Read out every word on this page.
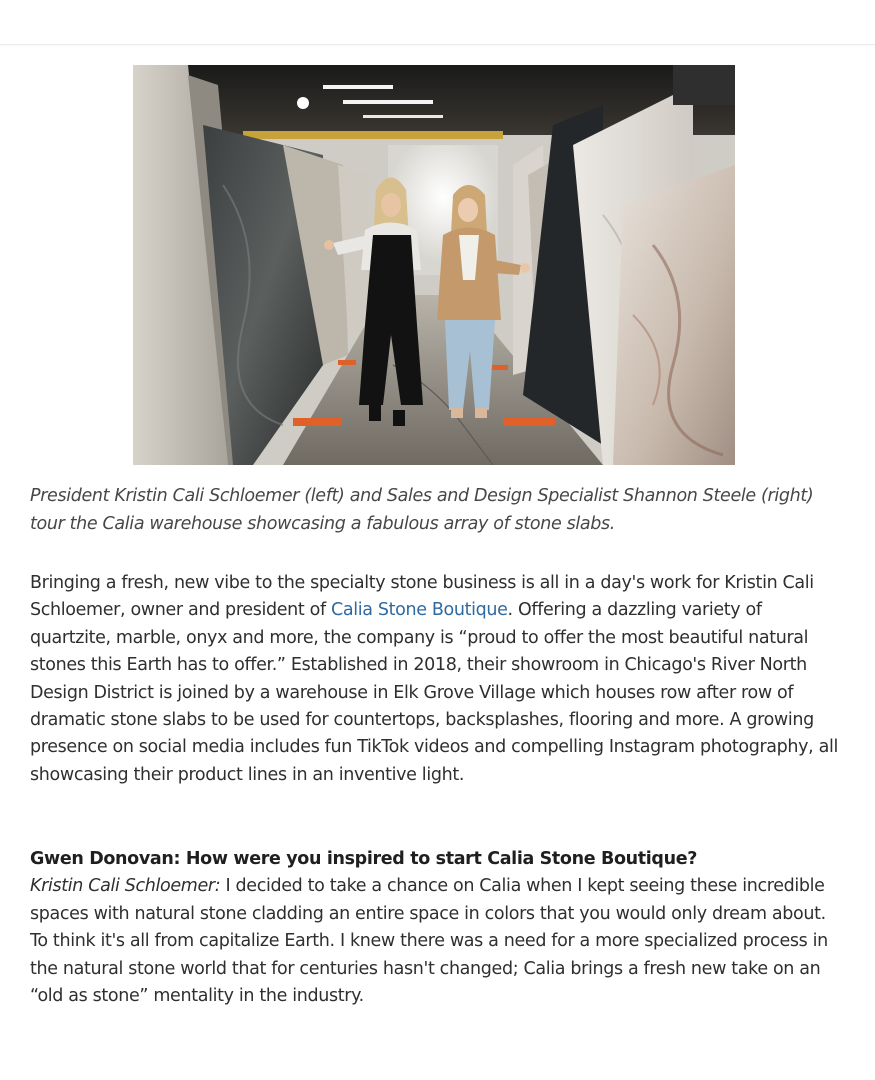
President Kristin Cali Schloemer (left) and Sales and Design Specialist Shannon Steele (right) tour the Calia warehouse showcasing a fabulous array of stone slabs.
Bringing a fresh, new vibe to the specialty stone business is all in a day's work for Kristin Cali Schloemer, owner and president of Calia Stone Boutique. Offering a dazzling variety of quartzite, marble, onyx and more, the company is “proud to offer the most beautiful natural stones this Earth has to offer.” Established in 2018, their showroom in Chicago's River North Design District is joined by a warehouse in Elk Grove Village which houses row after row of dramatic stone slabs to be used for countertops, backsplashes, flooring and more. A growing presence on social media includes fun TikTok videos and compelling Instagram photography, all showcasing their product lines in an inventive light.
Gwen Donovan: How were you inspired to start Calia Stone Boutique?
Kristin Cali Schloemer: I decided to take a chance on Calia when I kept seeing these incredible spaces with natural stone cladding an entire space in colors that you would only dream about. To think it's all from capitalize Earth. I knew there was a need for a more specialized process in the natural stone world that for centuries hasn't changed; Calia brings a fresh new take on an “old as stone” mentality in the industry.
